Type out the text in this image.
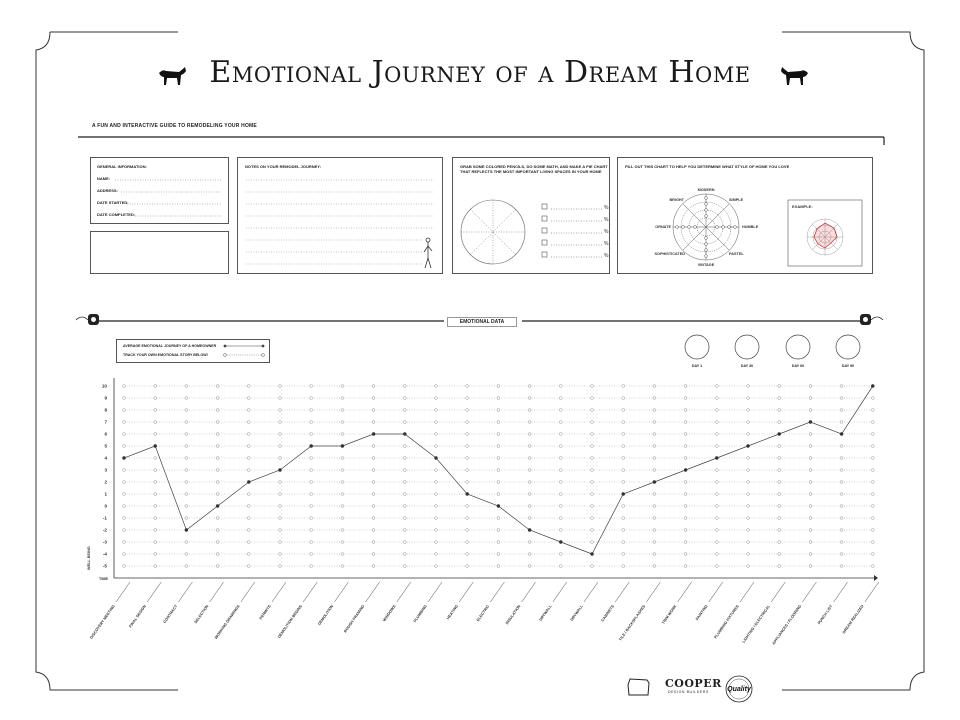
Emotional Journey of a Dream Home
A FUN AND INTERACTIVE GUIDE TO REMODELING YOUR HOME
GENERAL INFORMATION:
NAME:
ADDRESS:
DATE STARTED:
DATE COMPLETED:
NOTES ON YOUR REMODEL JOURNEY:	GRAB SOME COLORED PENCILS, DO SOME MATH, AND MAKE A PIE CHART THAT REFLECTS THE MOST IMPORTANT LIVING SPACES IN YOUR HOME
%
%
%
%
%
FILL OUT THIS CHART TO HELP YOU DETERMINE WHAT STYLE OF HOME YOU LOVE
MODERN
SIMPLE
HUMBLE
PASTEL
VINTAGE
SOPHISTICATED
ORNATE
BRIGHT
EXAMPLE:
EMOTIONAL DATA
AVERAGE EMOTIONAL JOURNEY OF A HOMEOWNER
TRACK YOUR OWN EMOTIONAL STORY BELOW!
DAY 1	DAY 30	DAY 60	DAY 90
10
9
8
7
6
5
4
3
2
1
0
-1
-2
-3
-4
-5
WELL BEING
TIME
DISCOVERY MEETING	FINAL DESIGN	CONTRACT	SELECTION WORKING DRAWINGS	PERMITS DEMOLITION BEGINS	DEMOLITION ROUGH FRAMING	WINDOWS	PLUMBING	HEATING	ELECTRIC	INSULATION	DRYWALL	DRYWALL	CABINETS TILE / BACKSPLASHES	TRIM WORK	PAINTING PLUMBING FIXTURES LIGHTING / ELECTRICAL APPLIANCES / FLOORING	PUNCH LIST DREAM REALIZED
COOPER
DESIGN BUILDERS	Quality
